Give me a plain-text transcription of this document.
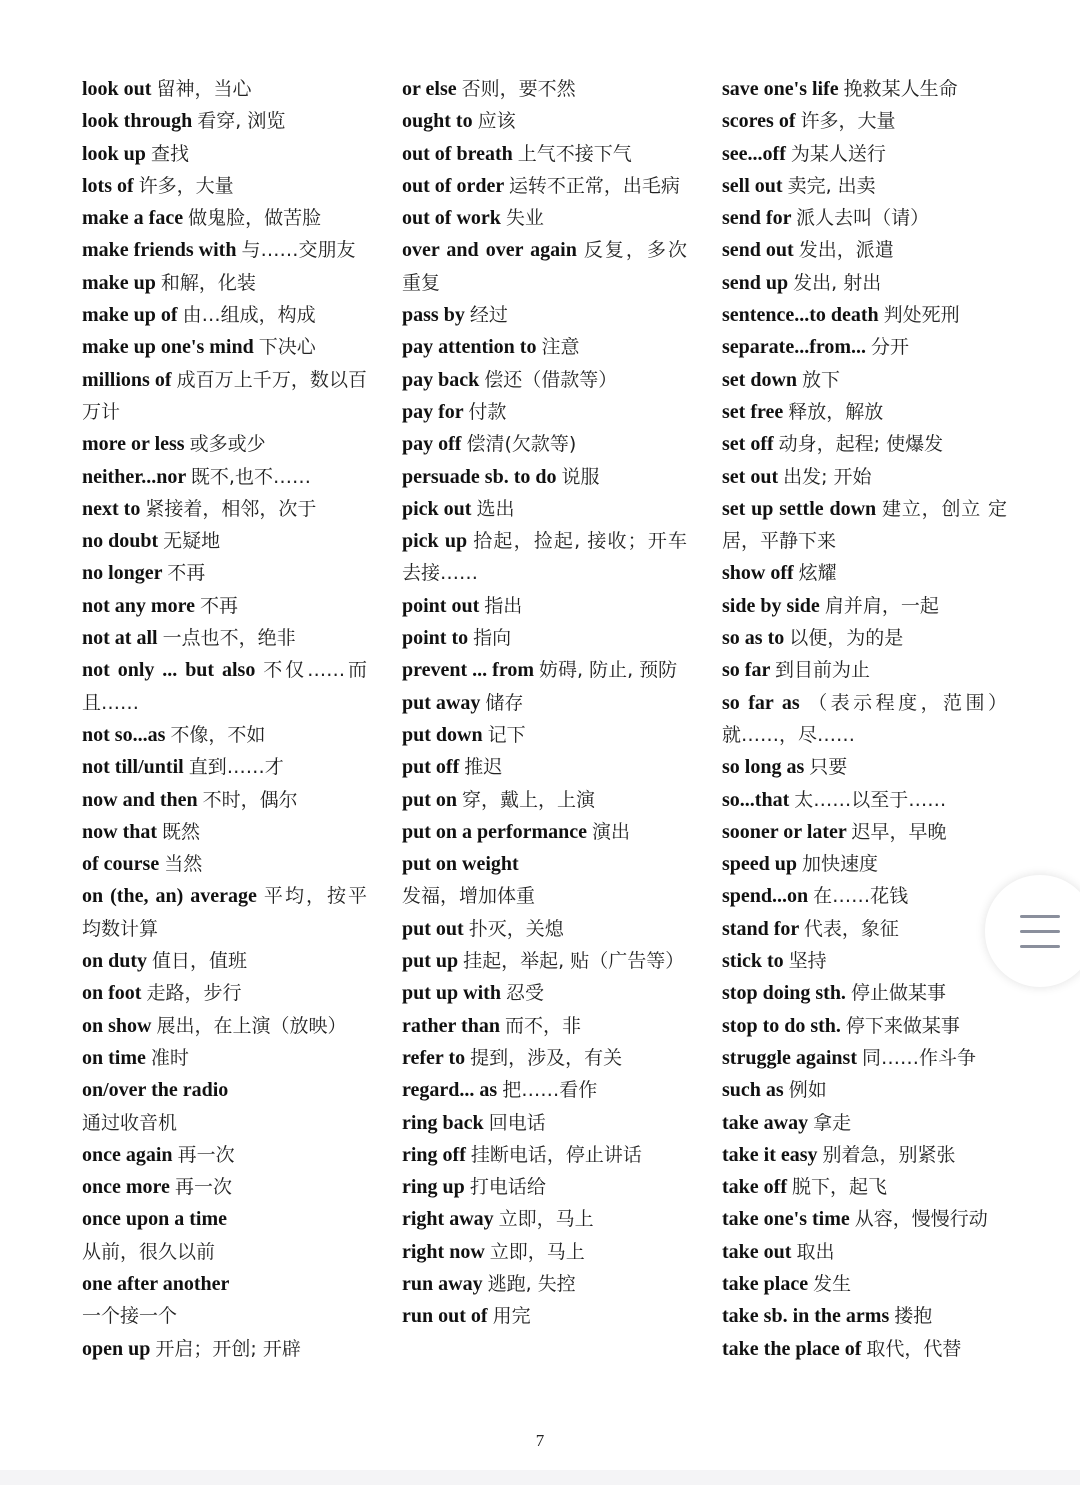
look out 留神，当心
look through 看穿, 浏览
look up 查找
lots of 许多，大量
make a face 做鬼脸，做苦脸
make friends with 与……交朋友
make up 和解，化装
make up of 由…组成，构成
make up one's mind 下决心
millions of 成百万上千万，数以百万计
more or less 或多或少
neither...nor 既不,也不……
next to 紧接着，相邻，次于
no doubt 无疑地
no longer 不再
not any more 不再
not at all 一点也不，绝非
not only ... but also 不仅……而且……
not so...as 不像，不如
not till/until 直到……才
now and then 不时，偶尔
now that 既然
of course 当然
on (the, an) average 平均，按平均数计算
on duty 值日，值班
on foot 走路，步行
on show 展出，在上演（放映）
on time 准时
on/over the radio
通过收音机
once again 再一次
once more 再一次
once upon a time
从前，很久以前
one after another
一个接一个
open up 开启；开创; 开辟
or else 否则，要不然
ought to 应该
out of breath 上气不接下气
out of order 运转不正常，出毛病
out of work 失业
over and over again 反复，多次重复
pass by 经过
pay attention to 注意
pay back 偿还（借款等）
pay for 付款
pay off 偿清(欠款等)
persuade sb. to do 说服
pick out 选出
pick up 拾起，捡起, 接收；开车去接……
point out 指出
point to 指向
prevent ... from 妨碍, 防止, 预防
put away 储存
put down 记下
put off 推迟
put on 穿，戴上，上演
put on a performance 演出
put on weight
发福，增加体重
put out 扑灭，关熄
put up 挂起，举起, 贴（广告等）
put up with 忍受
rather than 而不，非
refer to 提到，涉及，有关
regard... as 把……看作
ring back 回电话
ring off 挂断电话，停止讲话
ring up 打电话给
right away 立即，马上
right now 立即，马上
run away 逃跑, 失控
run out of 用完
save one's life 挽救某人生命
scores of 许多，大量
see...off 为某人送行
sell out 卖完, 出卖
send for 派人去叫（请）
send out 发出，派遣
send up 发出, 射出
sentence...to death 判处死刑
separate...from... 分开
set down 放下
set free 释放，解放
set off 动身，起程; 使爆发
set out 出发; 开始
set up settle down 建立，创立 定居，平静下来
show off 炫耀
side by side 肩并肩，一起
so as to 以便，为的是
so far 到目前为止
so far as （表示程度，范围）就……，尽……
so long as 只要
so...that 太……以至于……
sooner or later 迟早，早晚
speed up 加快速度
spend...on 在……花钱
stand for 代表，象征
stick to 坚持
stop doing sth. 停止做某事
stop to do sth. 停下来做某事
struggle against 同……作斗争
such as 例如
take away 拿走
take it easy 别着急，别紧张
take off 脱下，起飞
take one's time 从容，慢慢行动
take out 取出
take place 发生
take sb. in the arms 搂抱
take the place of 取代，代替
7
